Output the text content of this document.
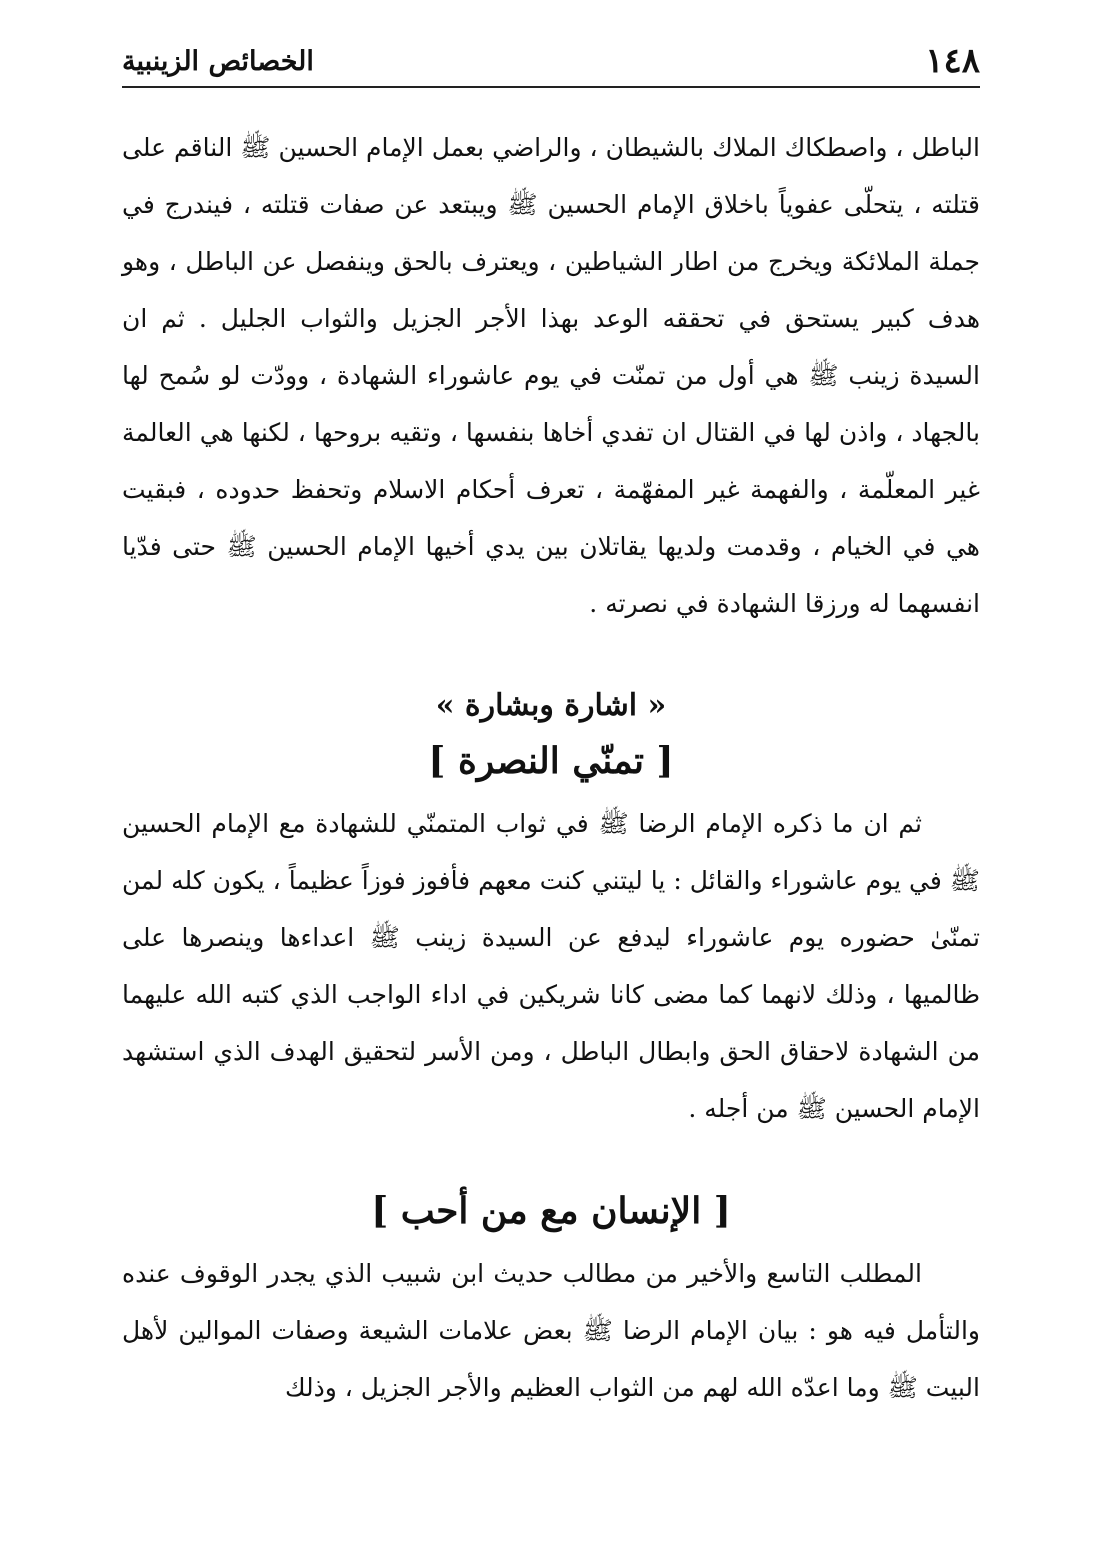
١٤٨
الخصائص الزينبية

الباطل ، واصطكاك الملاك بالشيطان ، والراضي بعمل الإمام الحسين ﷺ الناقم على قتلته ، يتحلّى عفوياً باخلاق الإمام الحسين ﷺ ويبتعد عن صفات قتلته ، فيندرج في جملة الملائكة ويخرج من اطار الشياطين ، ويعترف بالحق وينفصل عن الباطل ، وهو هدف كبير يستحق في تحققه الوعد بهذا الأجر الجزيل والثواب الجليل . ثم ان السيدة زينب ﷺ هي أول من تمنّت في يوم عاشوراء الشهادة ، وودّت لو سُمح لها بالجهاد ، واذن لها في القتال ان تفدي أخاها بنفسها ، وتقيه بروحها ، لكنها هي العالمة غير المعلّمة ، والفهمة غير المفهّمة ، تعرف أحكام الاسلام وتحفظ حدوده ، فبقيت هي في الخيام ، وقدمت ولديها يقاتلان بين يدي أخيها الإمام الحسين ﷺ حتى فدّيا انفسهما له ورزقا الشهادة في نصرته .

« اشارة وبشارة »
[ تمنّي النصرة ]

ثم ان ما ذكره الإمام الرضا ﷺ في ثواب المتمنّي للشهادة مع الإمام الحسين ﷺ في يوم عاشوراء والقائل : يا ليتني كنت معهم فأفوز فوزاً عظيماً ، يكون كله لمن تمنّىٰ حضوره يوم عاشوراء ليدفع عن السيدة زينب ﷺ اعداءها وينصرها على ظالميها ، وذلك لانهما كما مضى كانا شريكين في اداء الواجب الذي كتبه الله عليهما من الشهادة لاحقاق الحق وابطال الباطل ، ومن الأسر لتحقيق الهدف الذي استشهد الإمام الحسين ﷺ من أجله .

[ الإنسان مع من أحب ]

المطلب التاسع والأخير من مطالب حديث ابن شبيب الذي يجدر الوقوف عنده والتأمل فيه هو : بيان الإمام الرضا ﷺ بعض علامات الشيعة وصفات الموالين لأهل البيت ﷺ وما اعدّه الله لهم من الثواب العظيم والأجر الجزيل ، وذلك
